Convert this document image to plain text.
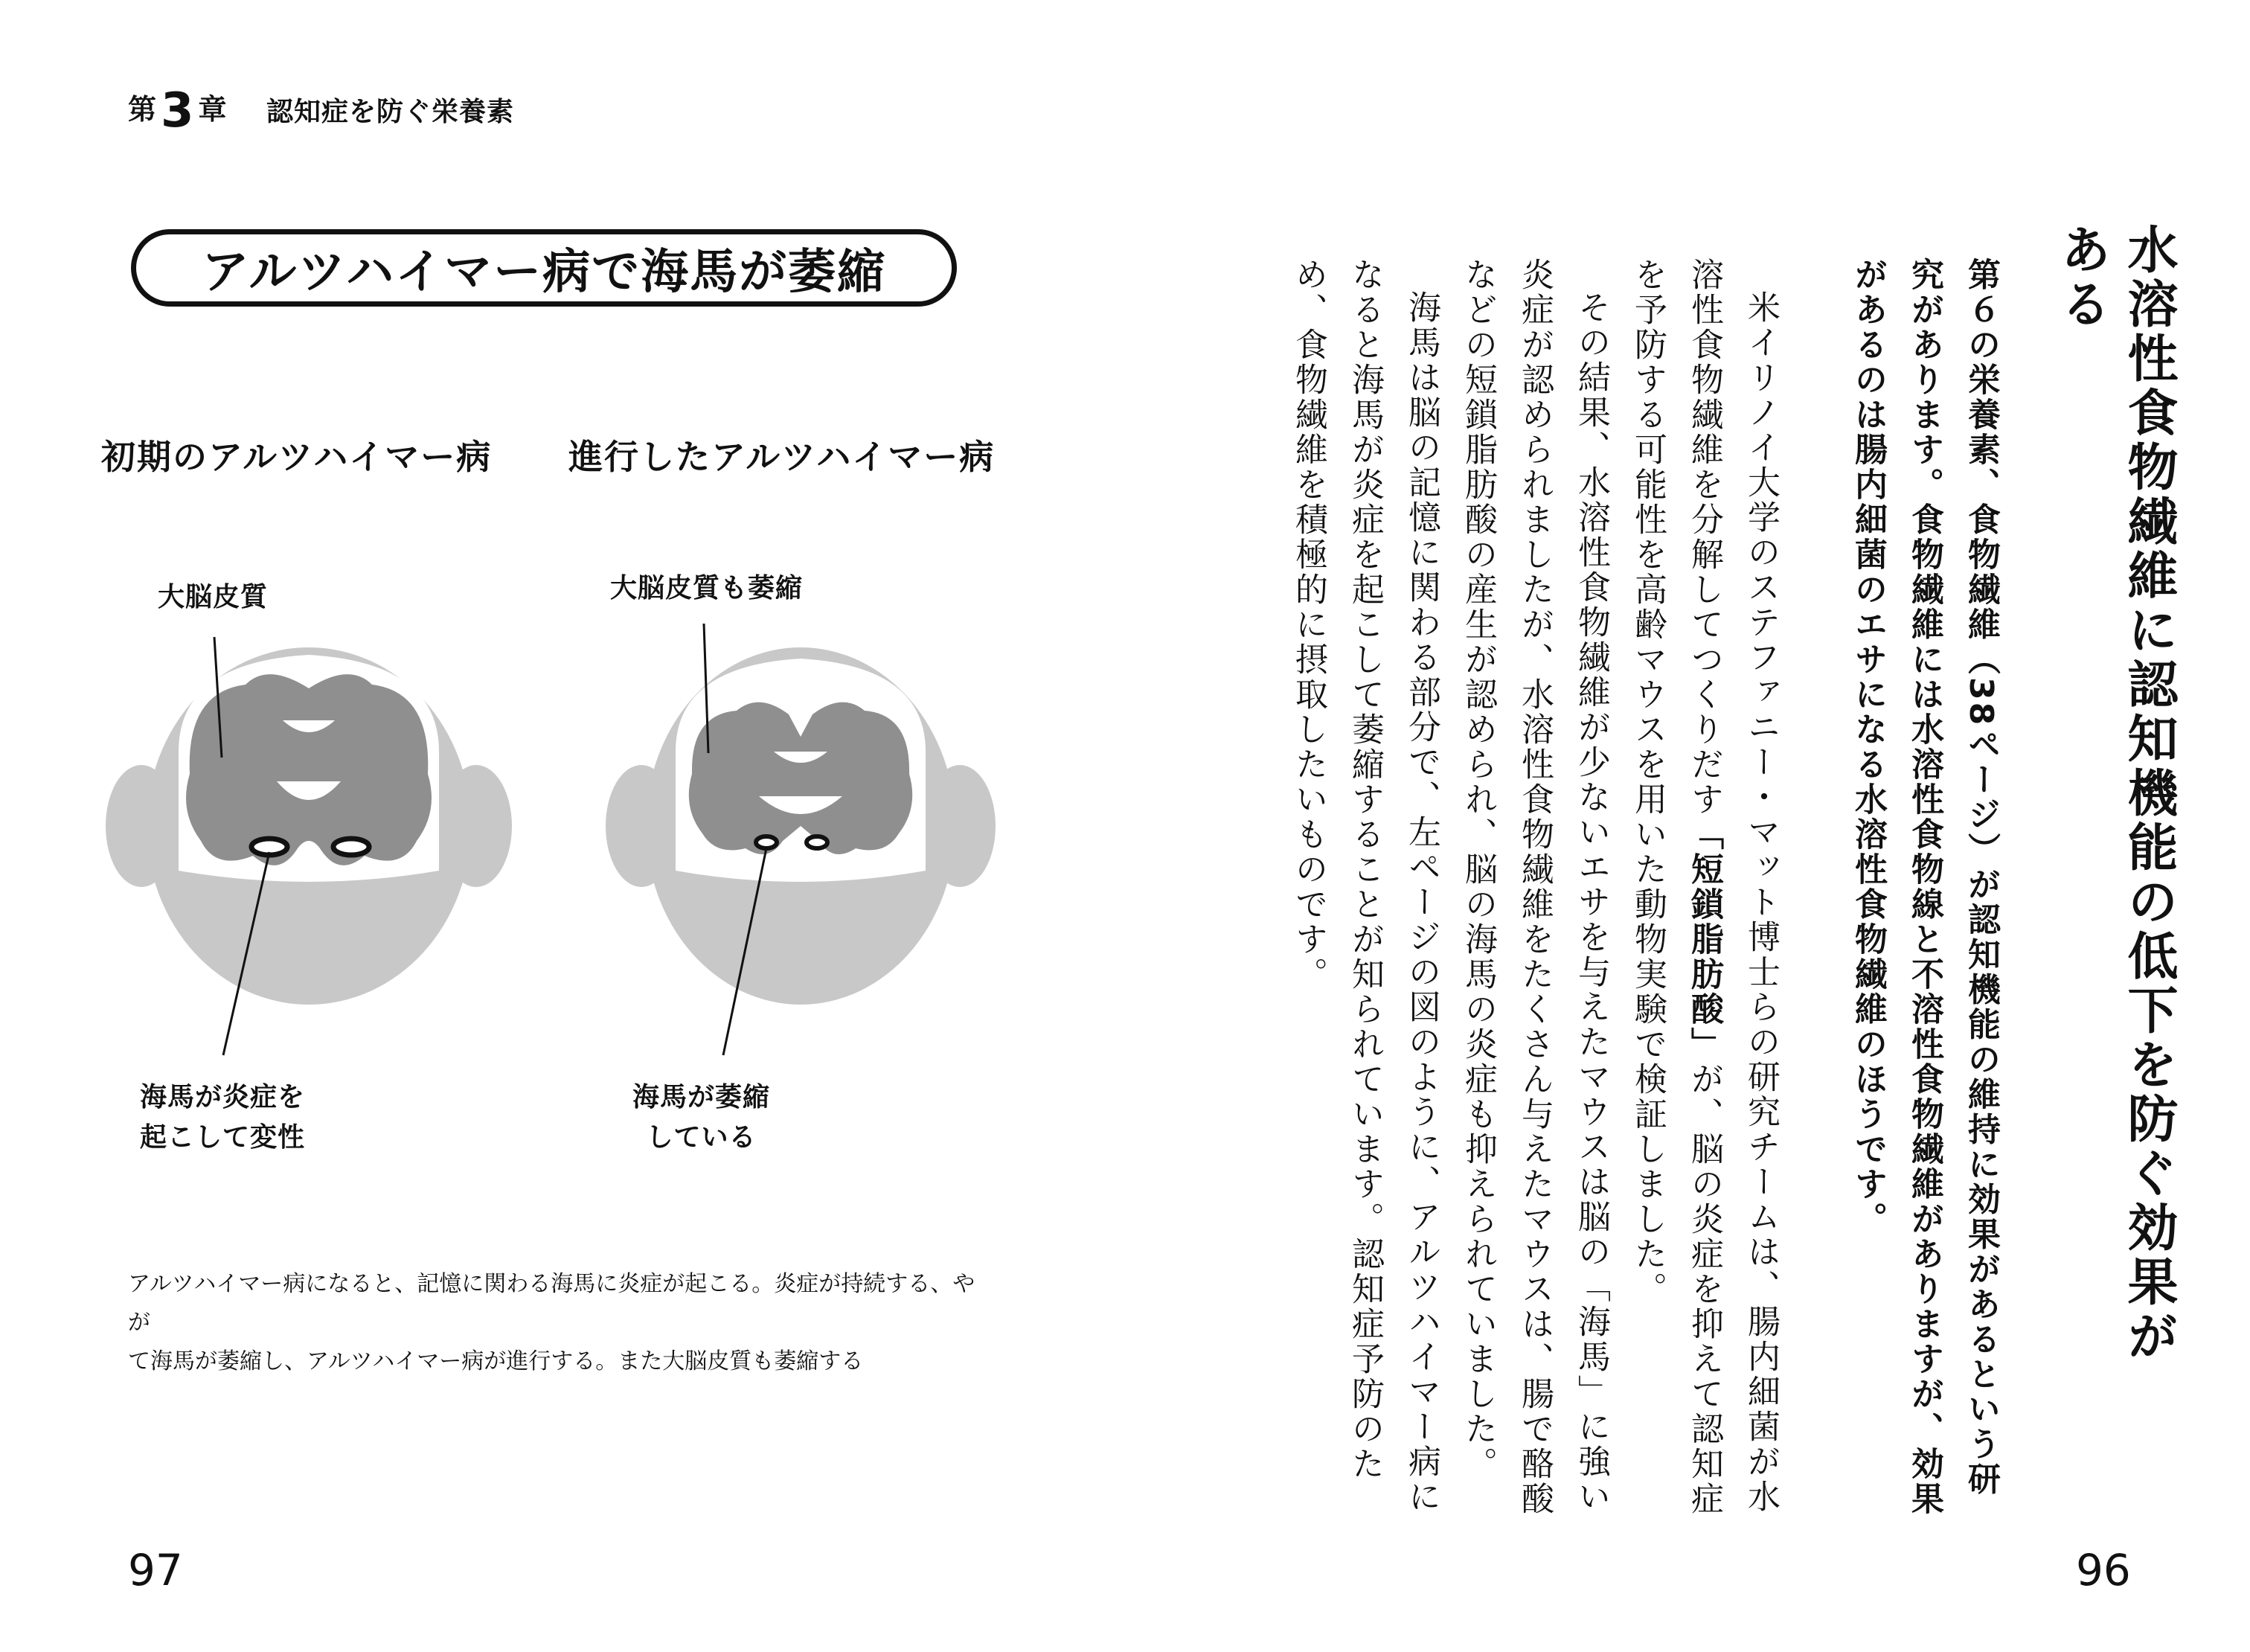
第3 章 認知症を防ぐ栄養素
アルツハイマー病で海馬が萎縮
初期のアルツハイマー病 進行したアルツハイマー病
大脳皮質	大脳皮質も萎縮
海馬が炎症を
起こして変性
海馬が萎縮
している
アルツハイマー病になると、記憶に関わる海馬に炎症が起こる。炎症が持続する、やが
て海馬が萎縮し、アルツハイマー病が進行する。また大脳皮質も萎縮する
97	96
水溶性食物繊維に認知機能の低下を防ぐ効果がある
第６の栄養素、食物繊維（38ページ）が認知機能の維持に効果があるという研究があります。食物繊維には水溶性食物線と不溶性食物繊維がありますが、効果があるのは腸内細菌のエサになる水溶性食物繊維のほうです。

米イリノイ大学のステファニー・マット博士らの研究チームは、腸内細菌が水溶性食物繊維を分解してつくりだす「短鎖脂肪酸」が、脳の炎症を抑えて認知症を予防する可能性を高齢マウスを用いた動物実験で検証しました。

その結果、水溶性食物繊維が少ないエサを与えたマウスは脳の「海馬」に強い炎症が認められましたが、水溶性食物繊維をたくさん与えたマウスは、腸で酪酸などの短鎖脂肪酸の産生が認められ、脳の海馬の炎症も抑えられていました。

海馬は脳の記憶に関わる部分で、左ページの図のように、アルツハイマー病になると海馬が炎症を起こして萎縮することが知られています。認知症予防のため、食物繊維を積極的に摂取したいものです。
